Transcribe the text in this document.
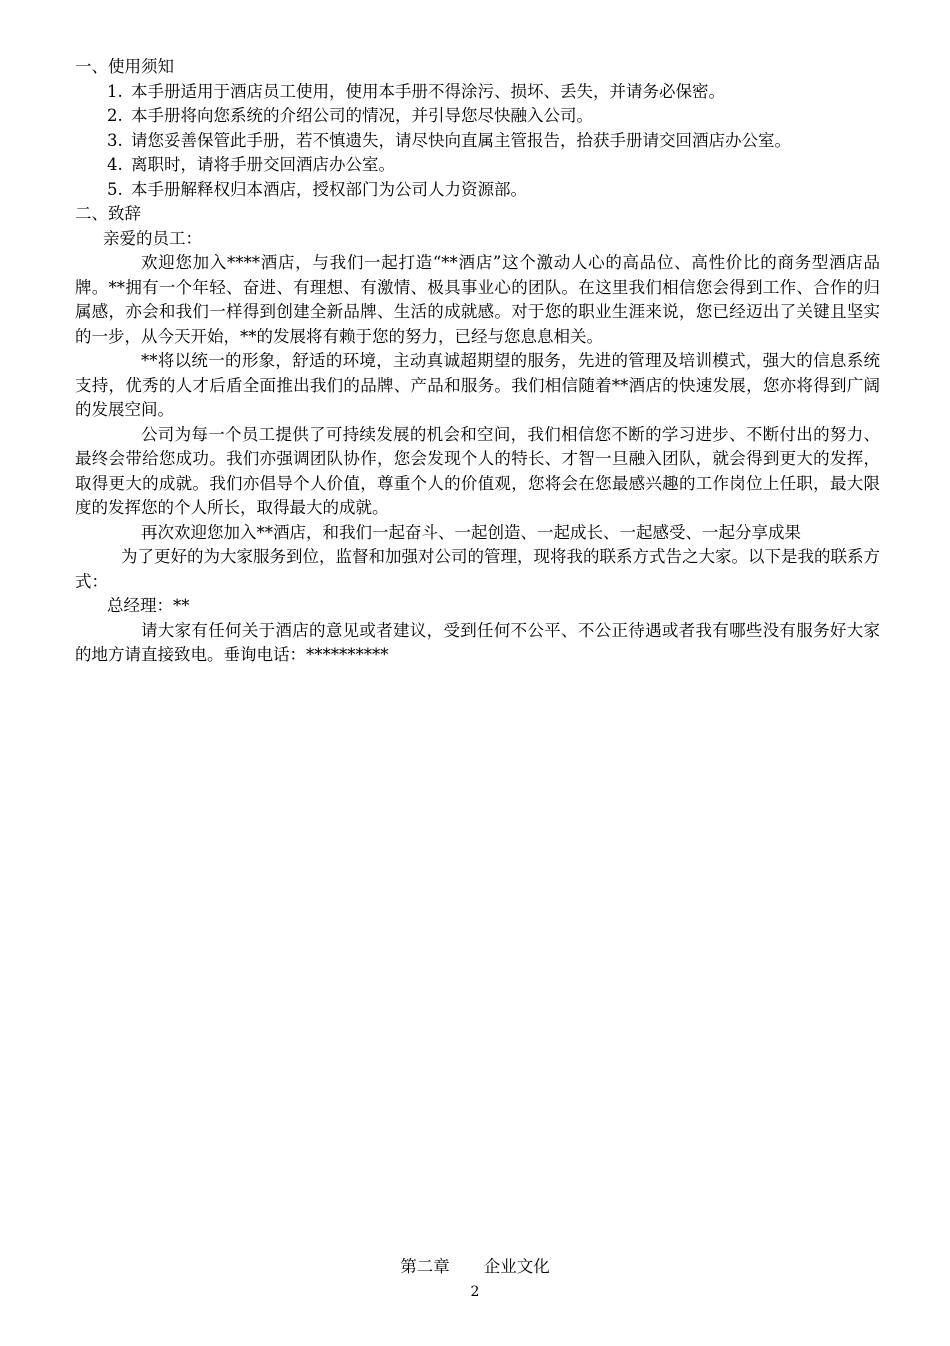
一、使用须知
1. 本手册适用于酒店员工使用，使用本手册不得涂污、损坏、丢失，并请务必保密。
2. 本手册将向您系统的介绍公司的情况，并引导您尽快融入公司。
3. 请您妥善保管此手册，若不慎遗失，请尽快向直属主管报告，拾获手册请交回酒店办公室。
4. 离职时，请将手册交回酒店办公室。
5. 本手册解释权归本酒店，授权部门为公司人力资源部。
二、致辞
亲爱的员工：

欢迎您加入****酒店，与我们一起打造“**酒店”这个激动人心的高品位、高性价比的商务型酒店品牌。**拥有一个年轻、奋进、有理想、有激情、极具事业心的团队。在这里我们相信您会得到工作、合作的归属感，亦会和我们一样得到创建全新品牌、生活的成就感。对于您的职业生涯来说，您已经迈出了关键且坚实的一步，从今天开始，**的发展将有赖于您的努力，已经与您息息相关。

**将以统一的形象，舒适的环境，主动真诚超期望的服务，先进的管理及培训模式，强大的信息系统支持，优秀的人才后盾全面推出我们的品牌、产品和服务。我们相信随着**酒店的快速发展，您亦将得到广阔的发展空间。

公司为每一个员工提供了可持续发展的机会和空间，我们相信您不断的学习进步、不断付出的努力、最终会带给您成功。我们亦强调团队协作，您会发现个人的特长、才智一旦融入团队，就会得到更大的发挥，取得更大的成就。我们亦倡导个人价值，尊重个人的价值观，您将会在您最感兴趣的工作岗位上任职，最大限度的发挥您的个人所长，取得最大的成就。

再次欢迎您加入**酒店，和我们一起奋斗、一起创造、一起成长、一起感受、一起分享成果

为了更好的为大家服务到位，监督和加强对公司的管理，现将我的联系方式告之大家。以下是我的联系方式：

总经理：**

请大家有任何关于酒店的意见或者建议，受到任何不公平、不公正待遇或者我有哪些没有服务好大家的地方请直接致电。垂询电话：**********

第二章 企业文化
2
